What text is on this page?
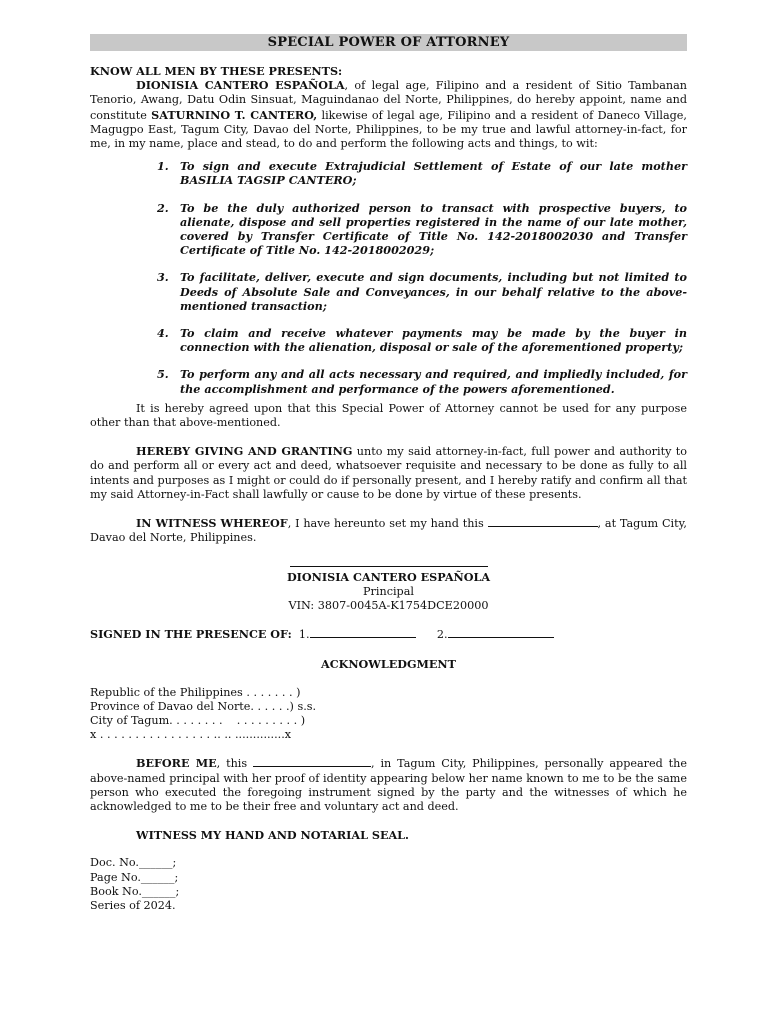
SPECIAL POWER OF ATTORNEY

KNOW ALL MEN BY THESE PRESENTS:

DIONISIA CANTERO ESPAÑOLA, of legal age, Filipino and a resident of Sitio Tambanan Tenorio, Awang, Datu Odin Sinsuat, Maguindanao del Norte, Philippines, do hereby appoint, name and constitute SATURNINO T. CANTERO, likewise of legal age, Filipino and a resident of Daneco Village, Magugpo East, Tagum City, Davao del Norte, Philippines, to be my true and lawful attorney-in-fact, for me, in my name, place and stead, to do and perform the following acts and things, to wit:

1. To sign and execute Extrajudicial Settlement of Estate of our late mother BASILIA TAGSIP CANTERO;
2. To be the duly authorized person to transact with prospective buyers, to alienate, dispose and sell properties registered in the name of our late mother, covered by Transfer Certificate of Title No. 142-2018002030 and Transfer Certificate of Title No. 142-2018002029;
3. To facilitate, deliver, execute and sign documents, including but not limited to     Deeds of Absolute Sale and Conveyances, in our behalf relative to the above-mentioned transaction;
4. To claim and receive whatever payments may be made by the buyer in connection with the alienation, disposal or sale of the aforementioned property;
5. To perform any and all acts necessary and required, and impliedly included, for the accomplishment and performance of the powers aforementioned.

It is hereby agreed upon that this Special Power of Attorney cannot be used for any purpose other than that above-mentioned.

HEREBY GIVING AND GRANTING unto my said attorney-in-fact, full power and authority to do and perform all or every act and deed, whatsoever requisite and necessary to be done as fully to all intents and purposes as I might or could do if personally present, and I hereby ratify and confirm all that my said Attorney-in-Fact shall lawfully or cause to be done by virtue of these presents.

IN WITNESS WHEREOF, I have hereunto set my hand this	, at Tagum City, Davao del Norte, Philippines.

DIONISIA CANTERO ESPAÑOLA

Principal

VIN: 3807-0045A-K1754DCE20000

SIGNED IN THE PRESENCE OF: 1.	2.

ACKNOWLEDGMENT

Republic of the Philippines . . . . . . . )

Province of Davao del Norte. . . . . .) s.s.

City of Tagum. . . . . . . .    . . . . . . . . . )

x . . . . . . . . . . . . . . . . .. .. ..............x

BEFORE ME, this	, in Tagum City, Philippines, personally appeared the above-named principal with her proof of identity appearing below her name known to me to be the same person who executed the foregoing instrument signed by the party and the witnesses of which he acknowledged to me to be their free and voluntary act and deed.

WITNESS MY HAND AND NOTARIAL SEAL.

Doc. No.______;

Page No.______;

Book No.______;

Series of 2024.
